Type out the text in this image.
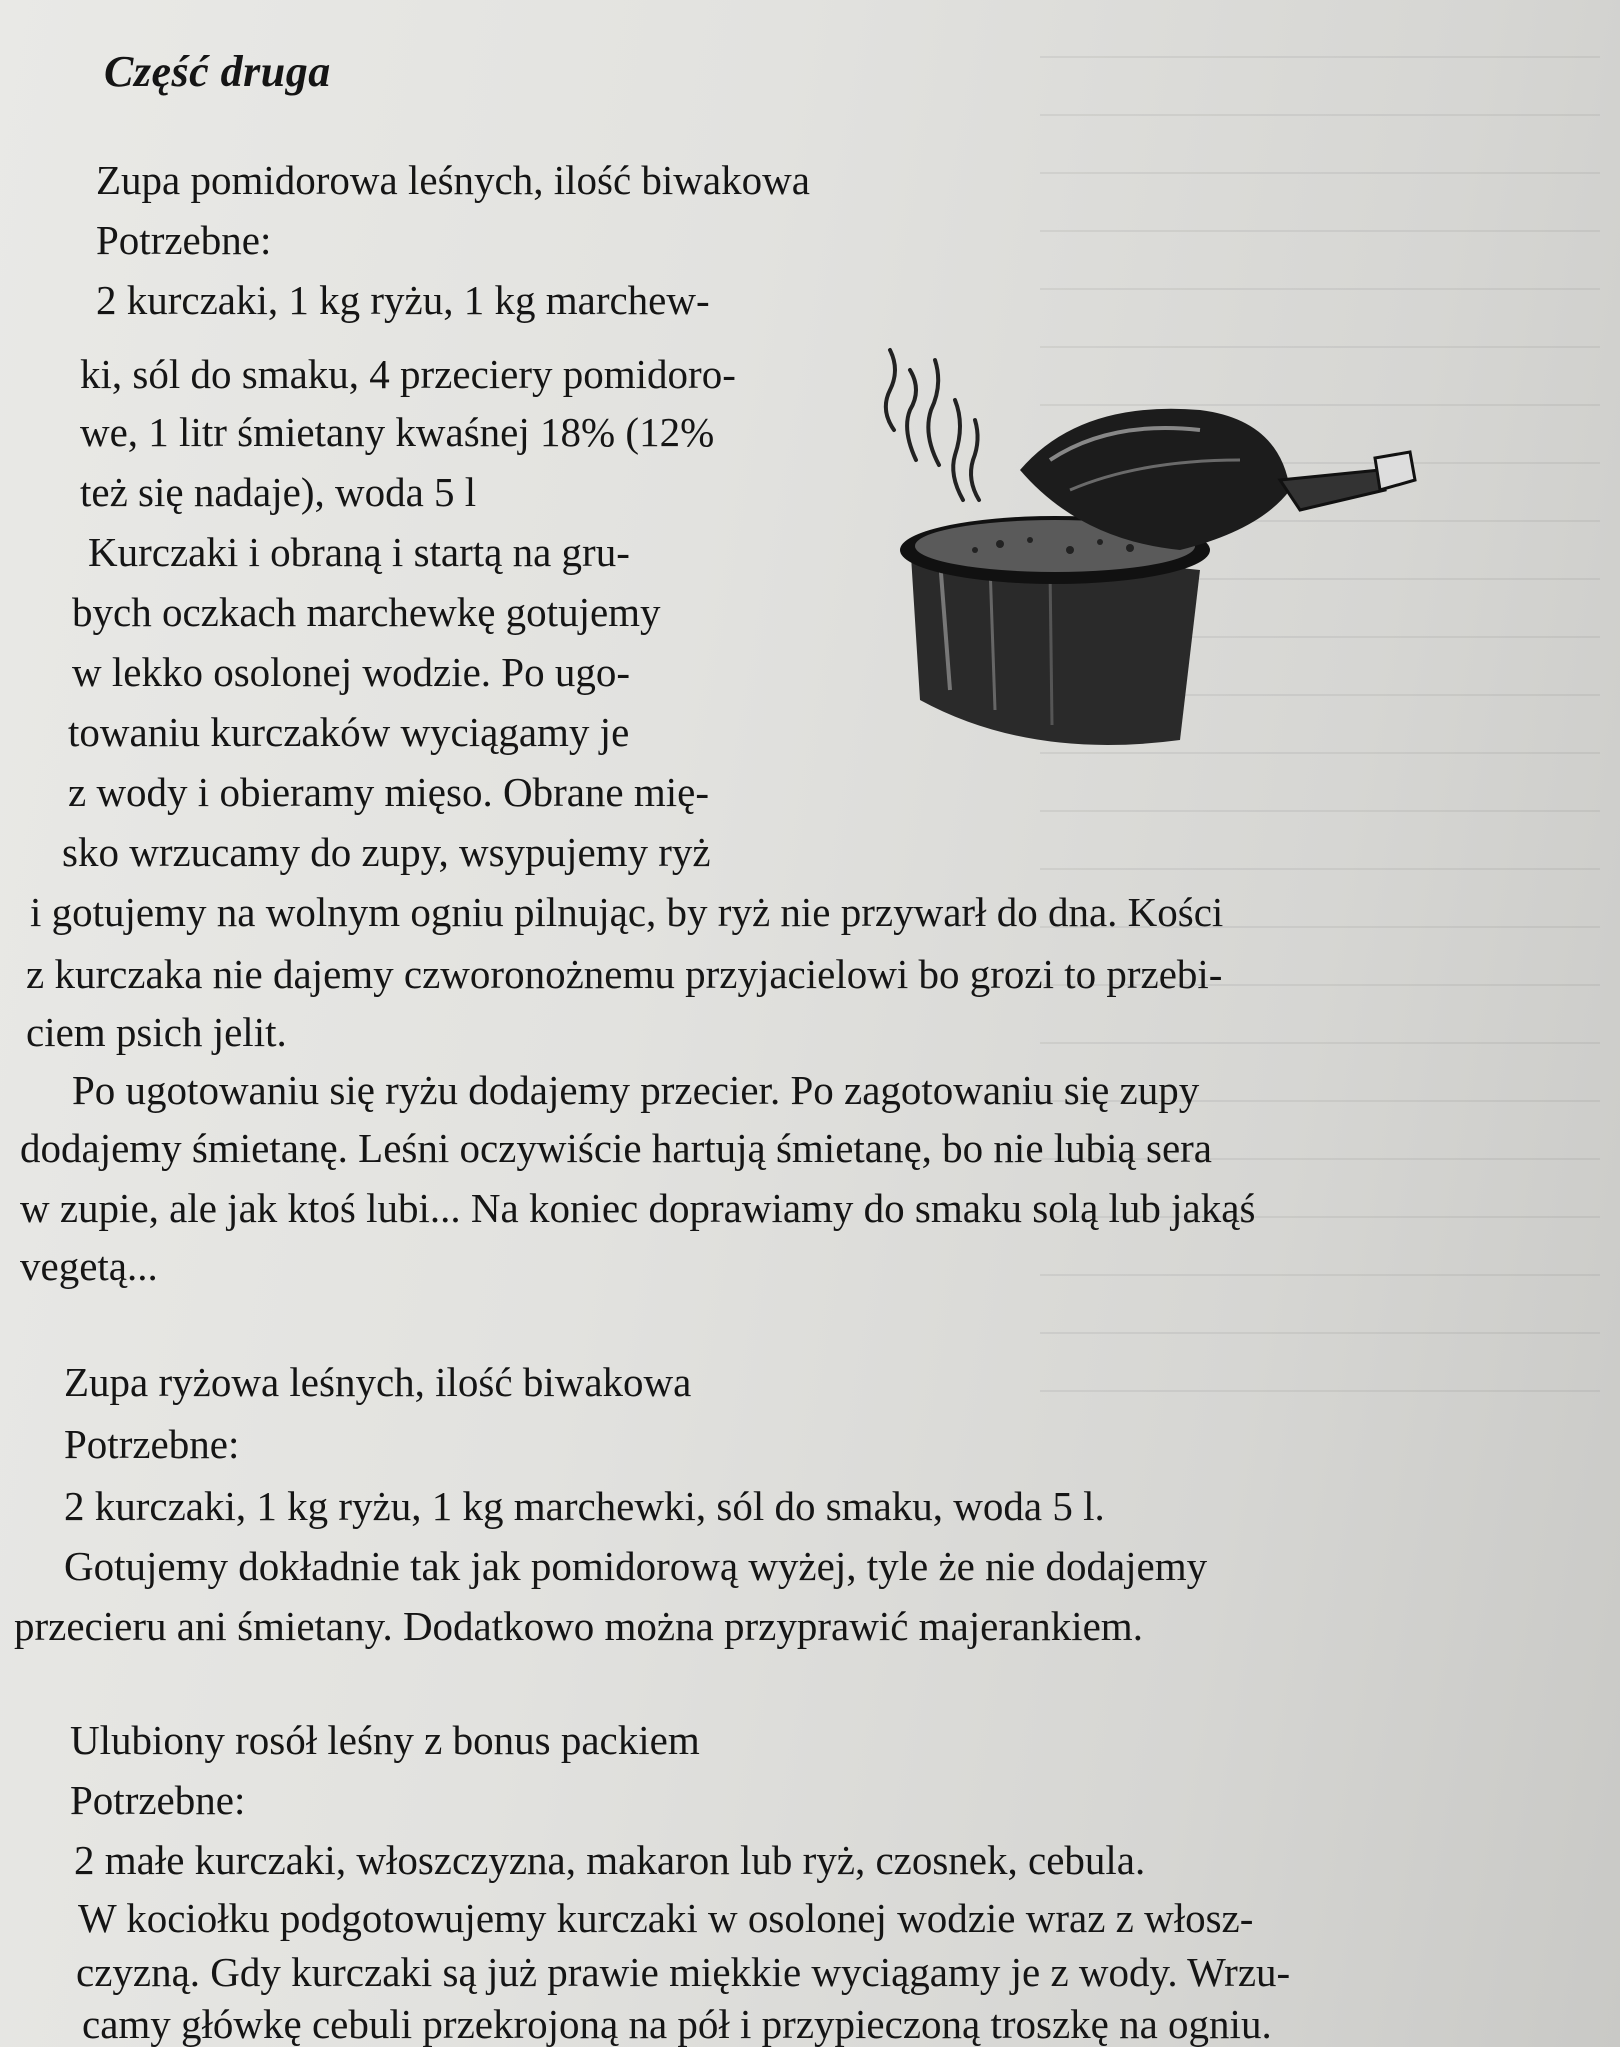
Część druga

Zupa pomidorowa leśnych, ilość biwakowa

Potrzebne:

2 kurczaki, 1 kg ryżu, 1 kg marchew-

ki, sól do smaku, 4 przeciery pomidoro-

we, 1 litr śmietany kwaśnej 18% (12%

też się nadaje), woda 5 l

Kurczaki i obraną i startą na gru-

bych oczkach marchewkę gotujemy

w lekko osolonej wodzie. Po ugo-

towaniu kurczaków wyciągamy je

z wody i obieramy mięso. Obrane mię-

sko wrzucamy do zupy, wsypujemy ryż

i gotujemy na wolnym ogniu pilnując, by ryż nie przywarł do dna. Kości

z kurczaka nie dajemy czworonożnemu przyjacielowi bo grozi to przebi-

ciem psich jelit.

Po ugotowaniu się ryżu dodajemy przecier. Po zagotowaniu się zupy

dodajemy śmietanę. Leśni oczywiście hartują śmietanę, bo nie lubią sera

w zupie, ale jak ktoś lubi... Na koniec doprawiamy do smaku solą lub jakąś

vegetą...

Zupa ryżowa leśnych, ilość biwakowa

Potrzebne:

2 kurczaki, 1 kg ryżu, 1 kg marchewki, sól do smaku, woda 5 l.

Gotujemy dokładnie tak jak pomidorową wyżej, tyle że nie dodajemy

przecieru ani śmietany. Dodatkowo można przyprawić majerankiem.

Ulubiony rosół leśny z bonus packiem

Potrzebne:

2 małe kurczaki, włoszczyzna, makaron lub ryż, czosnek, cebula.

W kociołku podgotowujemy kurczaki w osolonej wodzie wraz z włosz-

czyzną. Gdy kurczaki są już prawie miękkie wyciągamy je z wody. Wrzu-

camy główkę cebuli przekrojoną na pół i przypieczoną troszkę na ogniu.
